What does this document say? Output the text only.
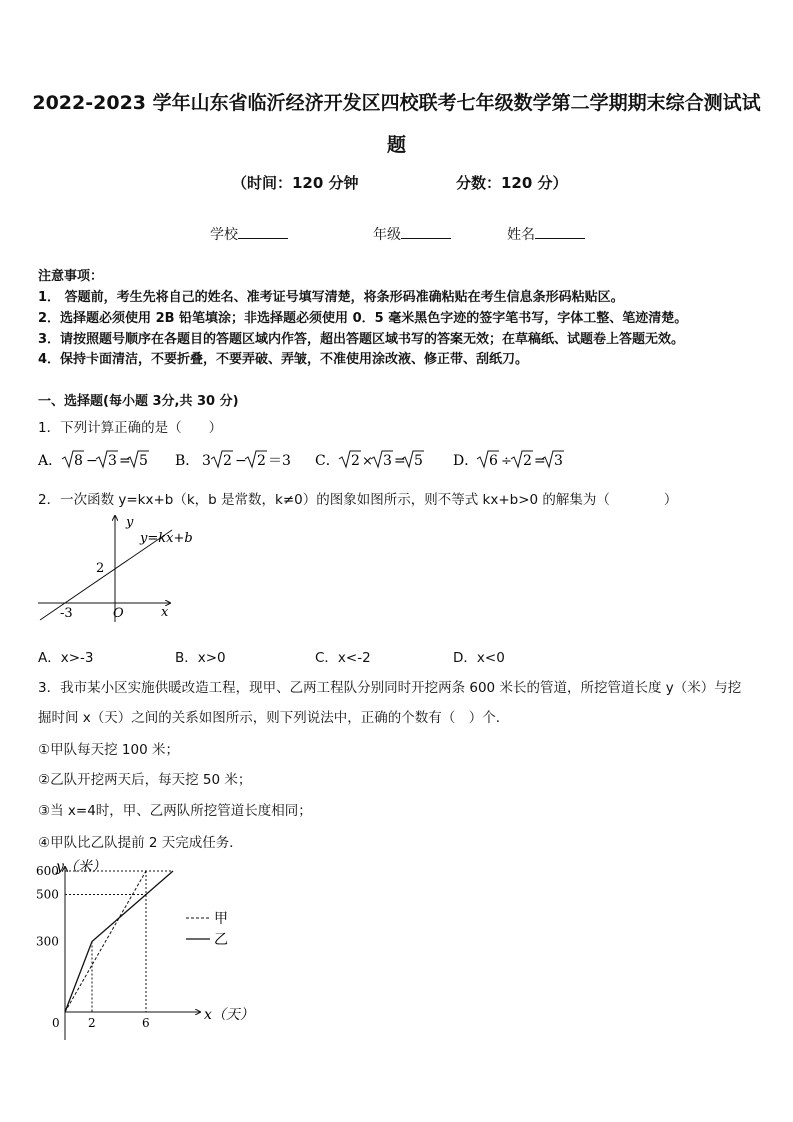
2022-2023 学年山东省临沂经济开发区四校联考七年级数学第二学期期末综合测试试
题
（时间：120 分钟	分数：120 分）
学校	年级	姓名
注意事项：
1． 答题前，考生先将自己的姓名、准考证号填写清楚，将条形码准确粘贴在考生信息条形码粘贴区。
2．选择题必须使用 2B 铅笔填涂；非选择题必须使用 0．5 毫米黑色字迹的签字笔书写，字体工整、笔迹清楚。
3．请按照题号顺序在各题目的答题区域内作答，超出答题区域书写的答案无效；在草稿纸、试题卷上答题无效。
4．保持卡面清洁，不要折叠，不要弄破、弄皱，不准使用涂改液、修正带、刮纸刀。
一、选择题(每小题 3分,共 30 分)
1．下列计算正确的是（　　）
A． 8 − 3 = 5 B． 3 2 − 2 ＝3 C． 2 × 3 = 5 D． 6 ÷ 2 = 3
2．一次函数 y=kx+b（k，b 是常数，k≠0）的图象如图所示，则不等式 kx+b>0 的解集为（　　　　）
y
y=kx+b
2
-3	O	x
A．x>-3	B．x>0	C．x<-2	D．x<0
3．我市某小区实施供暖改造工程，现甲、乙两工程队分别同时开挖两条 600 米长的管道，所挖管道长度 y（米）与挖
掘时间 x（天）之间的关系如图所示，则下列说法中，正确的个数有（　）个．
①甲队每天挖 100 米；
②乙队开挖两天后，每天挖 50 米；
③当 x=4时，甲、乙两队所挖管道长度相同；
④甲队比乙队提前 2 天完成任务．
y（米）
x（天）
600
500
300
0 2	6
甲
乙
